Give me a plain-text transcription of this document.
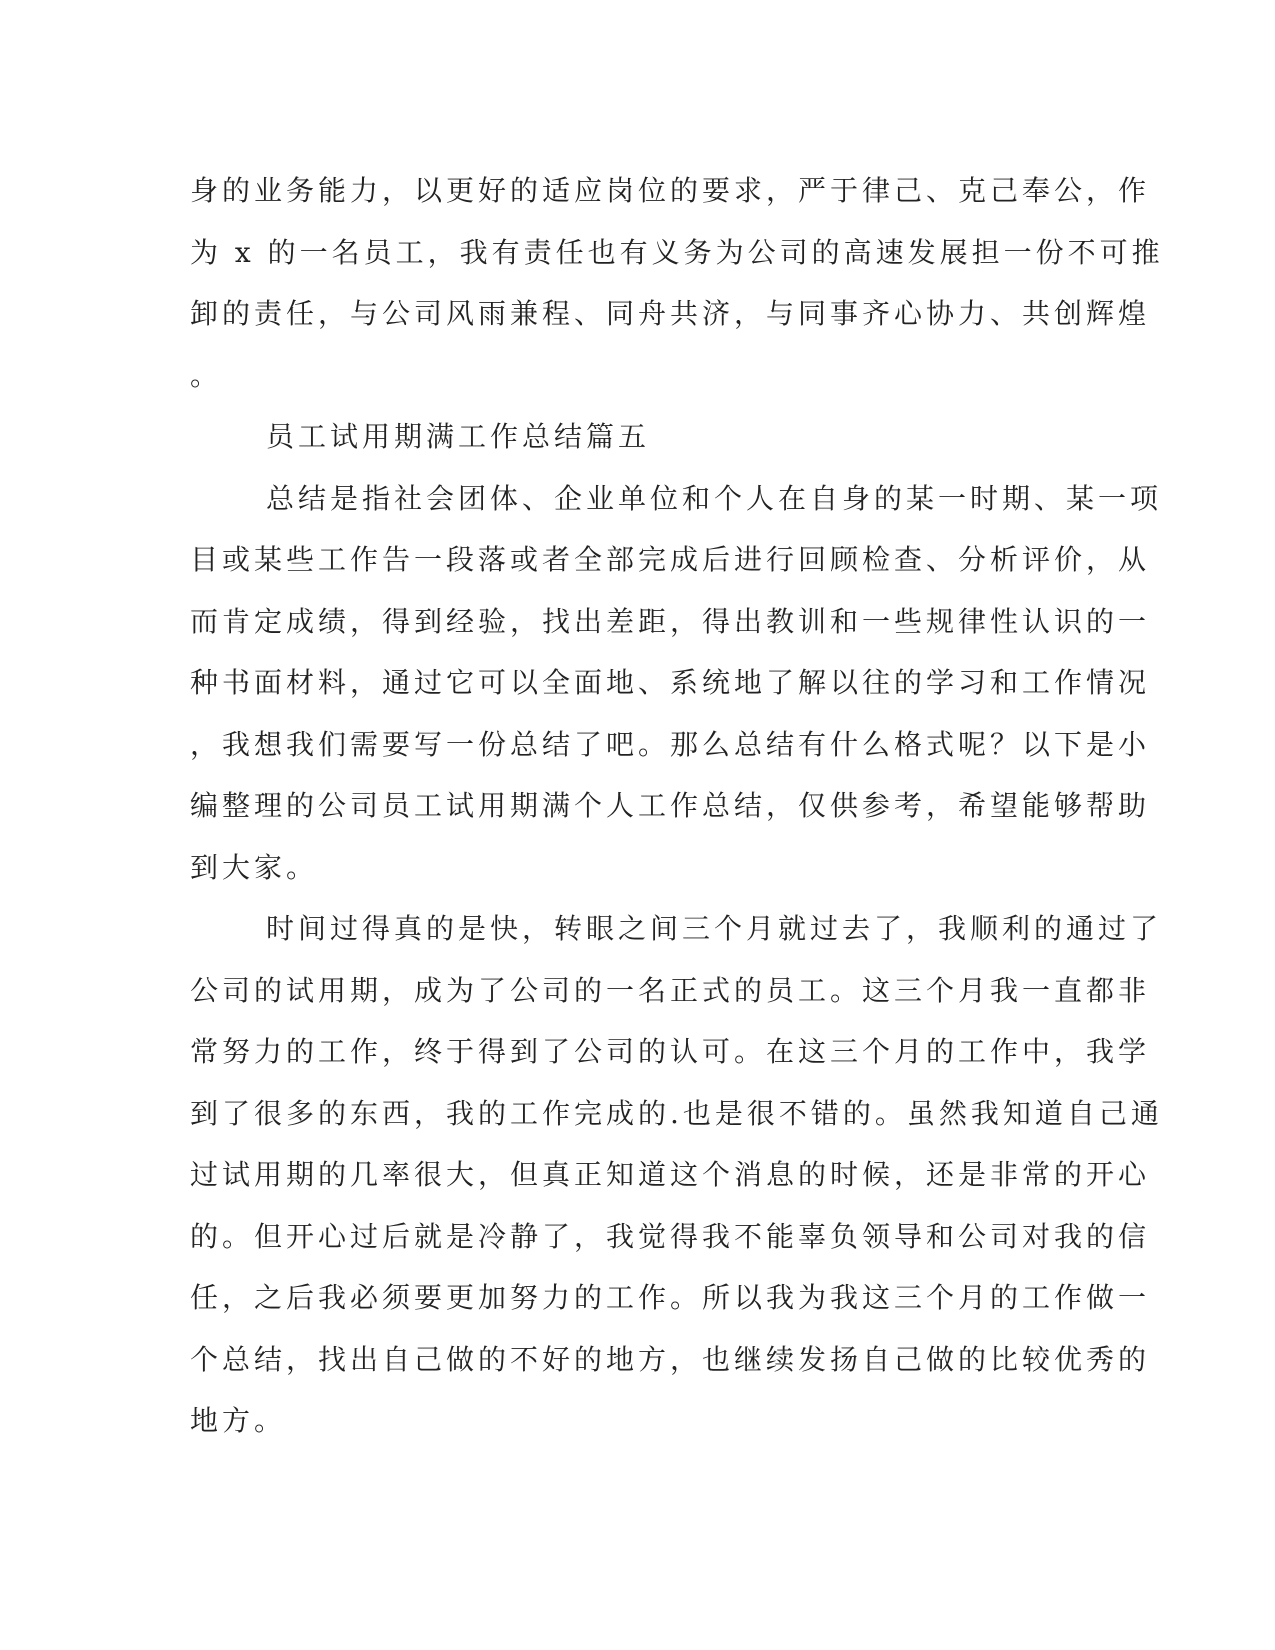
身的业务能力，以更好的适应岗位的要求，严于律己、克己奉公，作
为 x 的一名员工，我有责任也有义务为公司的高速发展担一份不可推
卸的责任，与公司风雨兼程、同舟共济，与同事齐心协力、共创辉煌
。
员工试用期满工作总结篇五
总结是指社会团体、企业单位和个人在自身的某一时期、某一项
目或某些工作告一段落或者全部完成后进行回顾检查、分析评价，从
而肯定成绩，得到经验，找出差距，得出教训和一些规律性认识的一
种书面材料，通过它可以全面地、系统地了解以往的学习和工作情况
，我想我们需要写一份总结了吧。那么总结有什么格式呢？以下是小
编整理的公司员工试用期满个人工作总结，仅供参考，希望能够帮助
到大家。
时间过得真的是快，转眼之间三个月就过去了，我顺利的通过了
公司的试用期，成为了公司的一名正式的员工。这三个月我一直都非
常努力的工作，终于得到了公司的认可。在这三个月的工作中，我学
到了很多的东西，我的工作完成的.也是很不错的。虽然我知道自己通
过试用期的几率很大，但真正知道这个消息的时候，还是非常的开心
的。但开心过后就是冷静了，我觉得我不能辜负领导和公司对我的信
任，之后我必须要更加努力的工作。所以我为我这三个月的工作做一
个总结，找出自己做的不好的地方，也继续发扬自己做的比较优秀的
地方。
